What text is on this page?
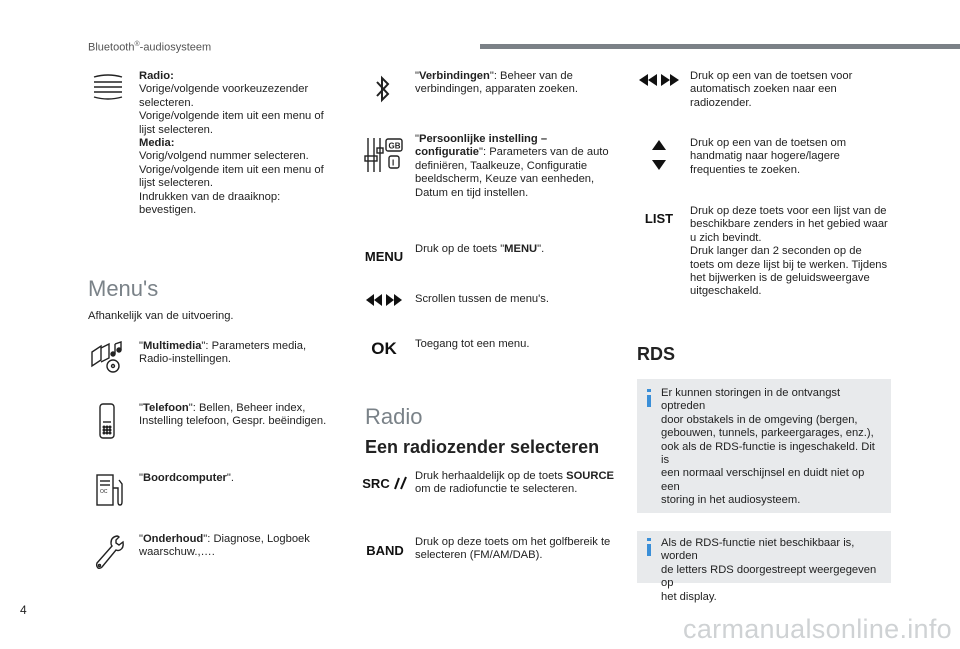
Bluetooth®-audiosysteem
Radio:
Vorige/volgende voorkeuzezender
selecteren.
Vorige/volgende item uit een menu of
lijst selecteren.
Media:
Vorig/volgend nummer selecteren.
Vorige/volgende item uit een menu of
lijst selecteren.
Indrukken van de draaiknop: bevestigen.
Menu's
Afhankelijk van de uitvoering.
"Multimedia": Parameters media,
Radio-instellingen.
"Telefoon": Bellen, Beheer index,
Instelling telefoon, Gespr. beëindigen.
OC
"Boordcomputer".
"Onderhoud": Diagnose, Logboek
waarschuw.,….
"Verbindingen": Beheer van de
verbindingen, apparaten zoeken.
GB
I
"Persoonlijke instelling –
configuratie": Parameters van de auto
definiëren, Taalkeuze, Configuratie
beeldscherm, Keuze van eenheden,
Datum en tijd instellen.
MENU Druk op de toets "MENU".
Scrollen tussen de menu's.
OK	Toegang tot een menu.
Radio
Een radiozender selecteren
SRC Druk herhaaldelijk op de toets SOURCE
om de radiofunctie te selecteren.
BAND
Druk op deze toets om het golfbereik te
selecteren (FM/AM/DAB).
Druk op een van de toetsen voor
automatisch zoeken naar een
radiozender.
Druk op een van de toetsen om
handmatig naar hogere/lagere
frequenties te zoeken.
LIST	Druk op deze toets voor een lijst van de
beschikbare zenders in het gebied waar
u zich bevindt.
Druk langer dan 2 seconden op de
toets om deze lijst bij te werken. Tijdens
het bijwerken is de geluidsweergave
uitgeschakeld.
RDS
Er kunnen storingen in de ontvangst optreden
door obstakels in de omgeving (bergen,
gebouwen, tunnels, parkeergarages, enz.),
ook als de RDS-functie is ingeschakeld. Dit is
een normaal verschijnsel en duidt niet op een
storing in het audiosysteem.
Als de RDS-functie niet beschikbaar is, worden
de letters RDS doorgestreept weergegeven op
het display.
4
carmanualsonline.info
